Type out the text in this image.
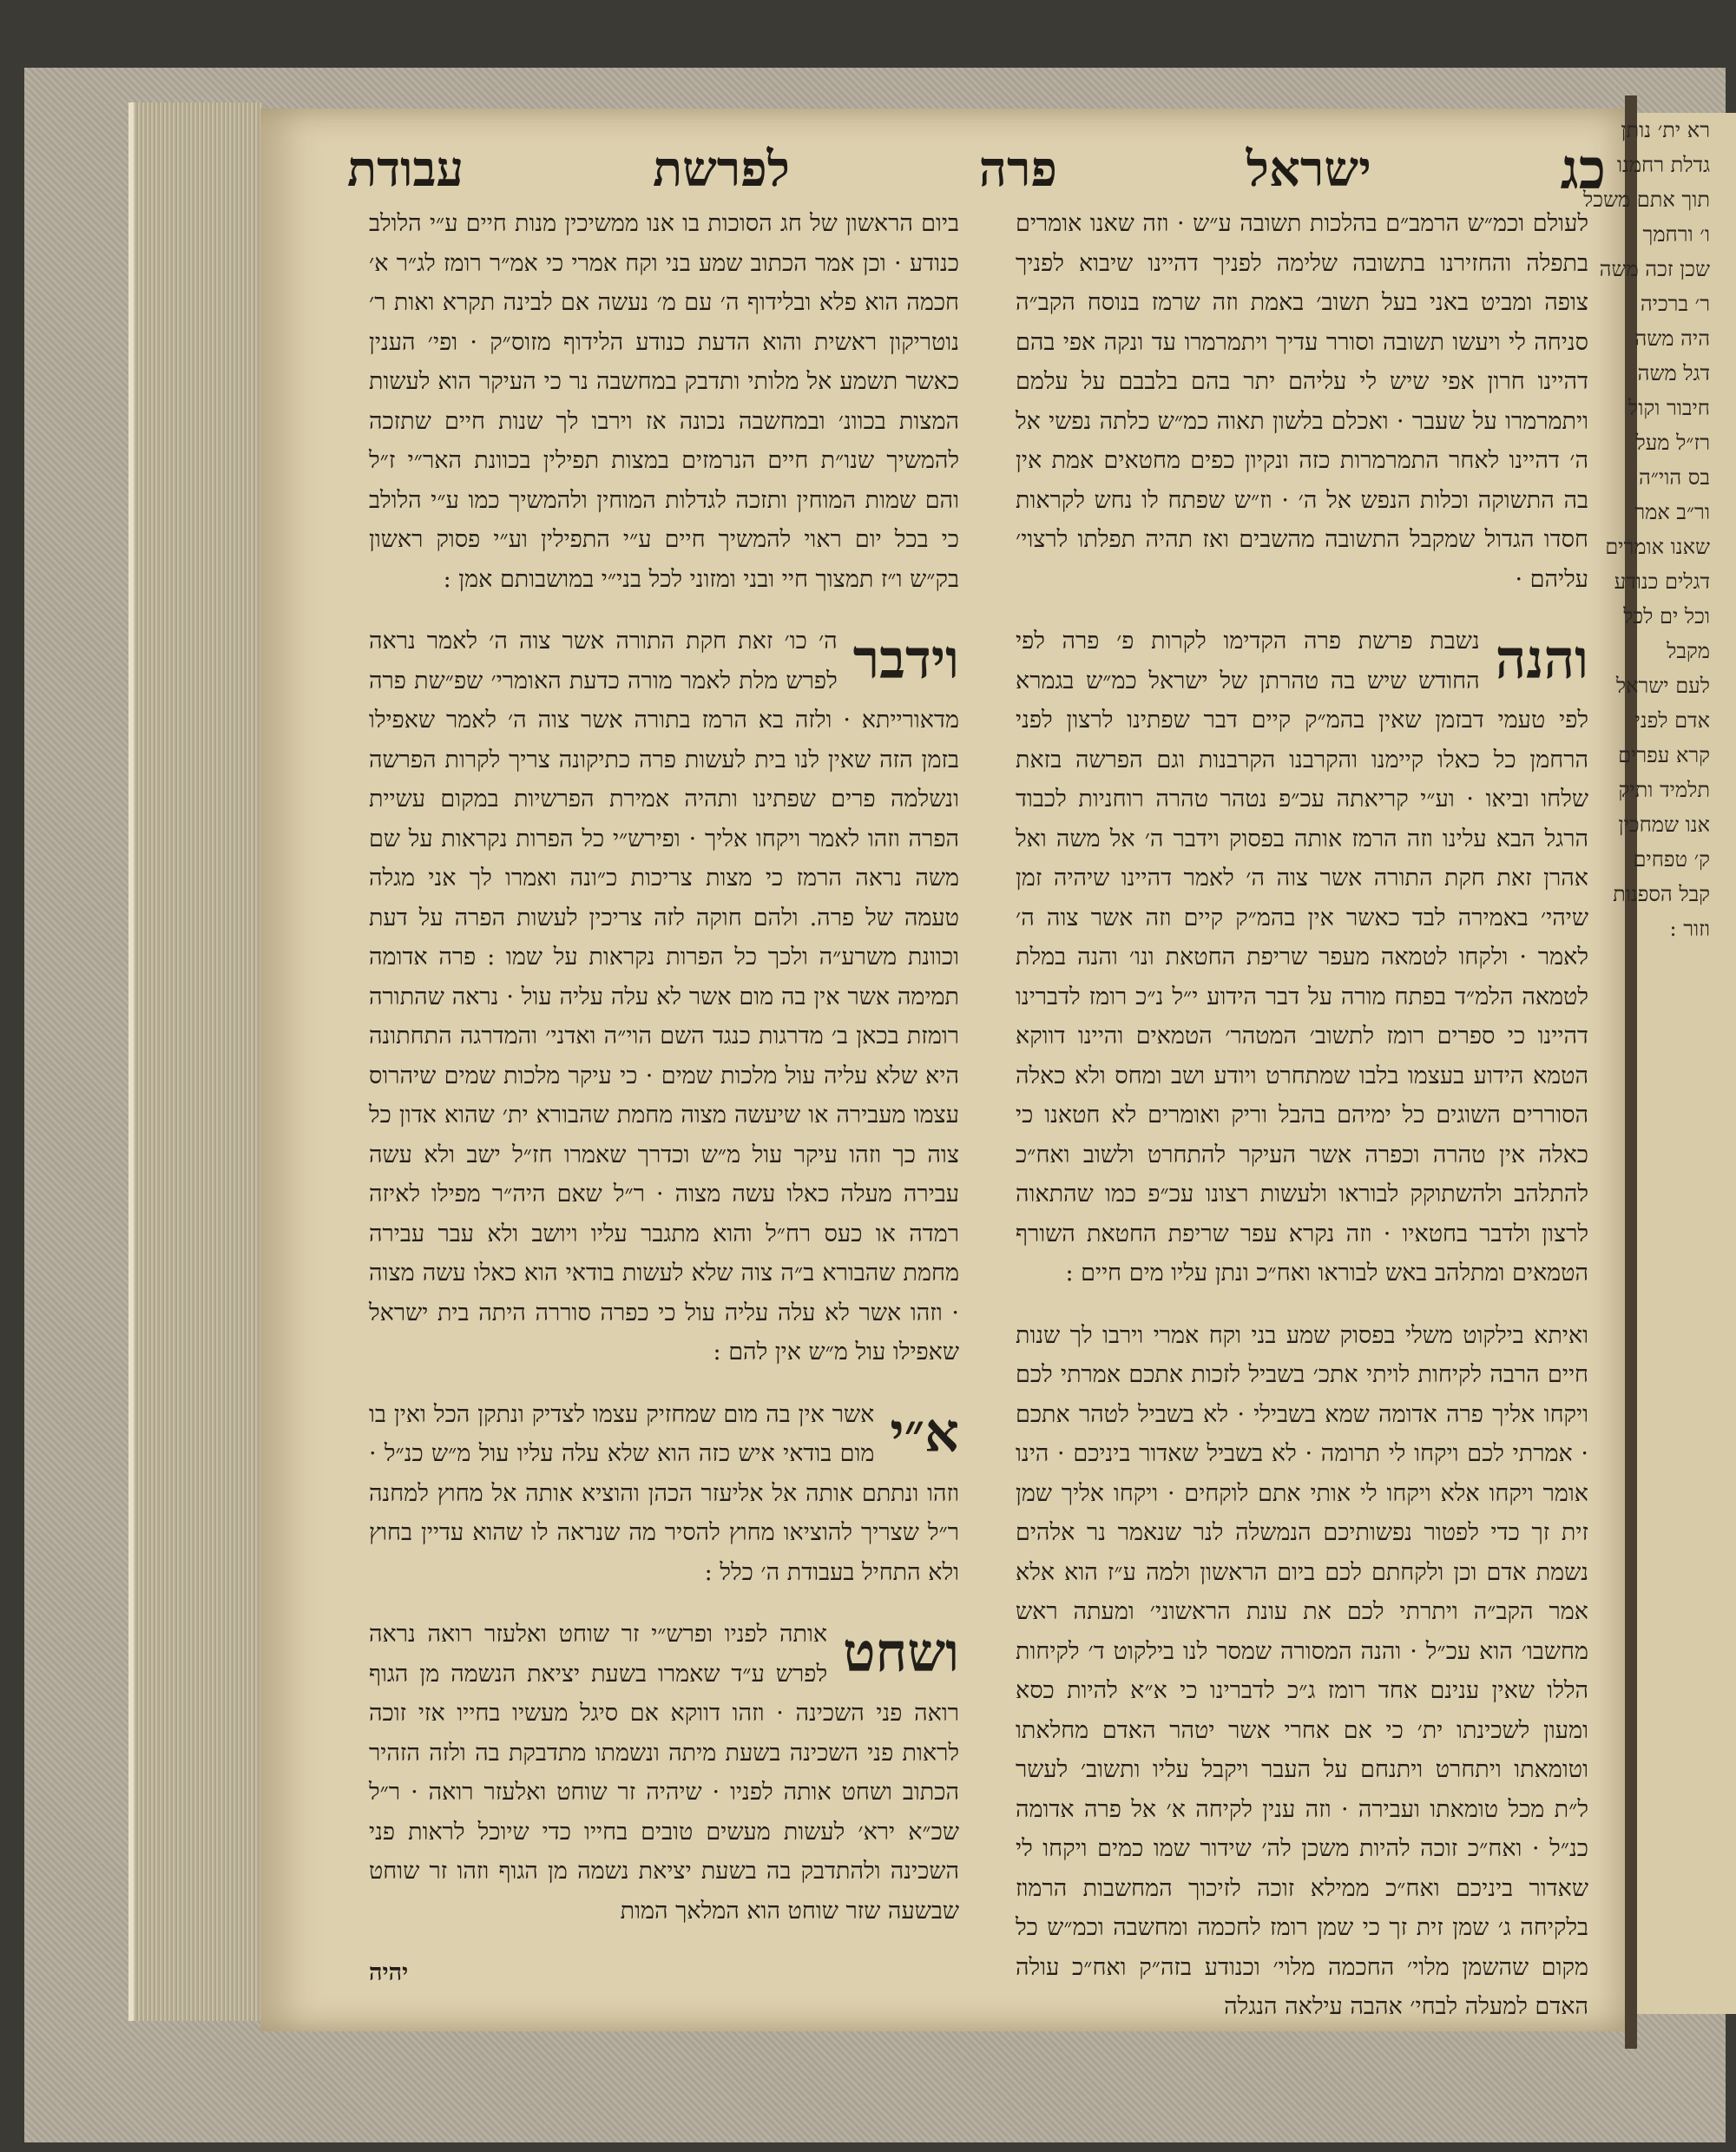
רא ית׳ נותן
גדלת רחמנו
תוך אתם משכל
ו׳ ורחמך
שכן זכה משה
ר׳ ברכיה
היה משה
דגל משה
חיבור וקול
רז״ל מעל
בס הוי״ה
ור״ב אמר
שאנו אומרים
דגלים כנודע
וכל ים לכל
מקבל
לעם ישראל
אדם לפני
קרא עפרים
תלמיד ותיק
אנו שמחכין
ק׳ טפחים
קבל הספנות
וזור :
עבודת	לפרשת	פרה	ישראל	כג
לעולם וכמ״ש הרמב״ם בהלכות תשובה ע״ש · וזה שאנו אומרים בתפלה והחזירנו בתשובה שלימה לפניך דהיינו שיבוא לפניך צופה ומביט באני בעל תשוב׳ באמת וזה שרמז בנוסח הקב״ה סניחה לי ויעשו תשובה וסורר עדיך ויתמרמרו עד ונקה אפי בהם דהיינו חרון אפי שיש לי עליהם יתר בהם בלבבם על עלמם ויתמרמרו על שעבר · ואכלם בלשון תאוה כמ״ש כלתה נפשי אל ה׳ דהיינו לאחר התמרמרות כזה ונקיון כפים מחטאים אמת אין בה התשוקה וכלות הנפש אל ה׳ · וז״ש שפתח לו נחש לקראות חסדו הגדול שמקבל התשובה מהשבים ואז תהיה תפלתו לרצוי׳ עליהם ·
והנה
נשבת פרשת פרה הקדימו לקרות פ׳ פרה לפי החודש שיש בה טהרתן של ישראל כמ״ש בגמרא לפי טעמי דבזמן שאין בהמ״ק קיים דבר שפתינו לרצון לפני הרחמן כל כאלו קיימנו והקרבנו הקרבנות וגם הפרשה בזאת שלחו וביאו · וע״י קריאתה עכ״פ נטהר טהרה רוחניות לכבוד הרגל הבא עלינו וזה הרמז אותה בפסוק וידבר ה׳ אל משה ואל אהרן זאת חקת התורה אשר צוה ה׳ לאמר דהיינו שיהיה זמן שיהי׳ באמירה לבד כאשר אין בהמ״ק קיים וזה אשר צוה ה׳ לאמר · ולקחו לטמאה מעפר שריפת החטאת ונו׳ והנה במלת לטמאה הלמ״ד בפתח מורה על דבר הידוע י״ל נ״כ רומז לדברינו דהיינו כי ספרים רומז לתשוב׳ המטהר׳ הטמאים והיינו דווקא הטמא הידוע בעצמו בלבו שמתחרט ויודע ושב ומחס ולא כאלה הסוררים השוגים כל ימיהם בהבל וריק ואומרים לא חטאנו כי כאלה אין טהרה וכפרה אשר העיקר להתחרט ולשוב ואח״כ להתלהב ולהשתוקק לבוראו ולעשות רצונו עכ״פ כמו שהתאוה לרצון ולדבר בחטאיו · וזה נקרא עפר שריפת החטאת השורף הטמאים ומתלהב באש לבוראו ואח״כ ונתן עליו מים חיים :
ואיתא בילקוט משלי בפסוק שמע בני וקח אמרי וירבו לך שנות חיים הרבה לקיחות לויתי אתכ׳ בשביל לזכות אתכם אמרתי לכם ויקחו אליך פרה אדומה שמא בשבילי · לא בשביל לטהר אתכם · אמרתי לכם ויקחו לי תרומה · לא בשביל שאדור ביניכם · הינו אומר ויקחו אלא ויקחו לי אותי אתם לוקחים · ויקחו אליך שמן זית זך כדי לפטור נפשותיכם הנמשלה לנר שנאמר נר אלהים נשמת אדם וכן ולקחתם לכם ביום הראשון ולמה ע״ז הוא אלא אמר הקב״ה ויתרתי לכם את עונת הראשוני׳ ומעתה ראש מחשבו׳ הוא עכ״ל · והנה המסורה שמסר לנו בילקוט ד׳ לקיחות הללו שאין ענינם אחד רומז ג״כ לדברינו כי א״א להיות כסא ומעון לשכינתו ית׳ כי אם אחרי אשר יטהר האדם מחלאתו וטומאתו ויתחרט ויתנחם על העבר ויקבל עליו ותשוב׳ לעשר ל״ת מכל טומאתו ועבירה · וזה ענין לקיחה א׳ אל פרה אדומה כנ״ל · ואח״כ זוכה להיות משכן לה׳ שידור שמו כמים ויקחו לי שאדור ביניכם ואח״כ ממילא זוכה לזיכוך המחשבות הרמוז בלקיחה ג׳ שמן זית זך כי שמן רומז לחכמה ומחשבה וכמ״ש כל מקום שהשמן מלוי׳ החכמה מלוי׳ וכנודע בזה״ק ואח״כ עולה האדם למעלה לבחי׳ אהבה עילאה הנגלה
ביום הראשון של חג הסוכות בו אנו ממשיכין מנות חיים ע״י הלולב כנודע · וכן אמר הכתוב שמע בני וקח אמרי כי אמ״ר רומז לג״ר א׳ חכמה הוא פלא ובלידוף ה׳ עם מ׳ נעשה אם לבינה תקרא ואות ר׳ נוטריקון ראשית והוא הדעת כנודע הלידוף מזוס״ק · ופי׳ הענין כאשר תשמע אל מלותי ותדבק במחשבה נר כי העיקר הוא לעשות המצות בכוונ׳ ובמחשבה נכונה אז וירבו לך שנות חיים שתזכה להמשיך שנו״ת חיים הנרמזים במצות תפילין בכוונת האר״י ז״ל והם שמות המוחין ותזכה לגדלות המוחין ולהמשיך כמו ע״י הלולב כי בכל יום ראוי להמשיך חיים ע״י התפילין וע״י פסוק ראשון בק״ש ו״ז תמצוך חיי ובני ומזוני לכל בני״י במושבותם אמן :
וידבר
ה׳ כו׳ זאת חקת התורה אשר צוה ה׳ לאמר נראה לפרש מלת לאמר מורה כדעת האומרי׳ שפ״שת פרה מדאורייתא · ולזה בא הרמז בתורה אשר צוה ה׳ לאמר שאפילו בזמן הזה שאין לנו בית לעשות פרה כתיקונה צריך לקרות הפרשה ונשלמה פרים שפתינו ותהיה אמירת הפרשיות במקום עשיית הפרה וזהו לאמר ויקחו אליך · ופירש״י כל הפרות נקראות על שם משה נראה הרמז כי מצות צריכות כ״ונה ואמרו לך אני מגלה טעמה של פרה. ולהם חוקה לזה צריכין לעשות הפרה על דעת וכוונת משרע״ה ולכך כל הפרות נקראות על שמו : פרה אדומה תמימה אשר אין בה מום אשר לא עלה עליה עול · נראה שהתורה רומזת בכאן ב׳ מדרגות כנגד השם הוי״ה ואדני׳ והמדרגה התחתונה היא שלא עליה עול מלכות שמים · כי עיקר מלכות שמים שיהרוס עצמו מעבירה או שיעשה מצוה מחמת שהבורא ית׳ שהוא אדון כל צוה כך וזהו עיקר עול מ״ש וכדרך שאמרו חז״ל ישב ולא עשה עבירה מעלה כאלו עשה מצוה · ר״ל שאם היה״ר מפילו לאיזה רמדה או כעס רח״ל והוא מתגבר עליו ויושב ולא עבר עבירה מחמת שהבורא ב״ה צוה שלא לעשות בודאי הוא כאלו עשה מצוה · וזהו אשר לא עלה עליה עול כי כפרה סוררה היתה בית ישראל שאפילו עול מ״ש אין להם :
א״י
אשר אין בה מום שמחזיק עצמו לצדיק ונתקן הכל ואין בו מום בודאי איש כזה הוא שלא עלה עליו עול מ״ש כנ״ל · וזהו ונתתם אותה אל אליעזר הכהן והוציא אותה אל מחוץ למחנה ר״ל שצריך להוציאו מחוץ להסיר מה שנראה לו שהוא עדיין בחוץ ולא התחיל בעבודת ה׳ כלל :
ושחט
אותה לפניו ופרש״י זר שוחט ואלעזר רואה נראה לפרש ע״ד שאמרו בשעת יציאת הנשמה מן הגוף רואה פני השכינה · וזהו דווקא אם סיגל מעשיו בחייו אזי זוכה לראות פני השכינה בשעת מיתה ונשמתו מתדבקת בה ולזה הזהיר הכתוב ושחט אותה לפניו · שיהיה זר שוחט ואלעזר רואה · ר״ל שכ״א ירא׳ לעשות מעשים טובים בחייו כדי שיוכל לראות פני השכינה ולהתדבק בה בשעת יציאת נשמה מן הגוף וזהו זר שוחט שבשעה שזר שוחט הוא המלאך המות
יהיה
